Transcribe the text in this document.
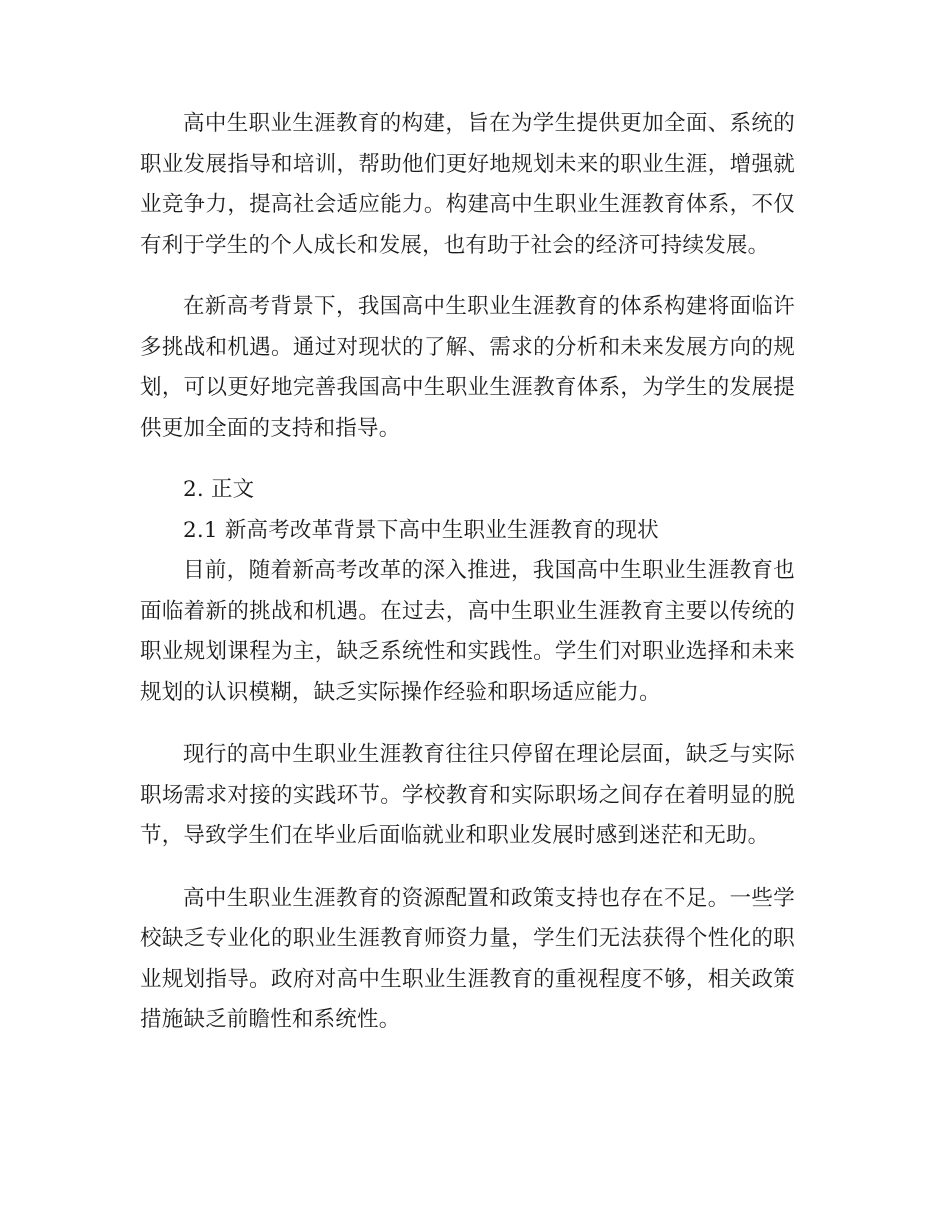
高中生职业生涯教育的构建，旨在为学生提供更加全面、系统的职业发展指导和培训，帮助他们更好地规划未来的职业生涯，增强就业竞争力，提高社会适应能力。构建高中生职业生涯教育体系，不仅有利于学生的个人成长和发展，也有助于社会的经济可持续发展。

在新高考背景下，我国高中生职业生涯教育的体系构建将面临许多挑战和机遇。通过对现状的了解、需求的分析和未来发展方向的规划，可以更好地完善我国高中生职业生涯教育体系，为学生的发展提供更加全面的支持和指导。

2. 正文

2.1 新高考改革背景下高中生职业生涯教育的现状

目前，随着新高考改革的深入推进，我国高中生职业生涯教育也面临着新的挑战和机遇。在过去，高中生职业生涯教育主要以传统的职业规划课程为主，缺乏系统性和实践性。学生们对职业选择和未来规划的认识模糊，缺乏实际操作经验和职场适应能力。

现行的高中生职业生涯教育往往只停留在理论层面，缺乏与实际职场需求对接的实践环节。学校教育和实际职场之间存在着明显的脱节，导致学生们在毕业后面临就业和职业发展时感到迷茫和无助。

高中生职业生涯教育的资源配置和政策支持也存在不足。一些学校缺乏专业化的职业生涯教育师资力量，学生们无法获得个性化的职业规划指导。政府对高中生职业生涯教育的重视程度不够，相关政策措施缺乏前瞻性和系统性。
